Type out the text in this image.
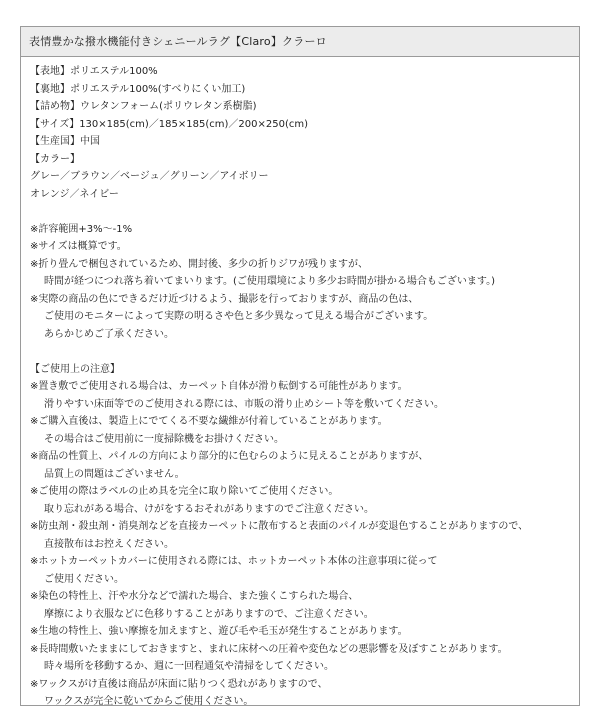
表情豊かな撥水機能付きシェニールラグ【Claro】クラーロ
【表地】ポリエステル100%
【裏地】ポリエステル100%(すべりにくい加工)
【詰め物】ウレタンフォーム(ポリウレタン系樹脂)
【サイズ】130×185(cm)／185×185(cm)／200×250(cm)
【生産国】中国
【カラー】
グレー／ブラウン／ベージュ／グリーン／アイボリー
オレンジ／ネイビー
※許容範囲+3%～-1%
※サイズは概算です。
※折り畳んで梱包されているため、開封後、多少の折りジワが残りますが、
時間が経つにつれ落ち着いてまいります。(ご使用環境により多少お時間が掛かる場合もございます。)
※実際の商品の色にできるだけ近づけるよう、撮影を行っておりますが、商品の色は、
ご使用のモニターによって実際の明るさや色と多少異なって見える場合がございます。
あらかじめご了承ください。
【ご使用上の注意】
※置き敷でご使用される場合は、カーペット自体が滑り転倒する可能性があります。
滑りやすい床面等でのご使用される際には、市販の滑り止めシート等を敷いてください。
※ご購入直後は、製造上にでてくる不要な繊維が付着していることがあります。
その場合はご使用前に一度掃除機をお掛けください。
※商品の性質上、パイルの方向により部分的に色むらのように見えることがありますが、
品質上の問題はございません。
※ご使用の際はラベルの止め具を完全に取り除いてご使用ください。
取り忘れがある場合、けがをするおそれがありますのでご注意ください。
※防虫剤・殺虫剤・消臭剤などを直接カーペットに散布すると表面のパイルが変退色することがありますので、
直接散布はお控えください。
※ホットカーペットカバーに使用される際には、ホットカーペット本体の注意事項に従って
ご使用ください。
※染色の特性上、汗や水分などで濡れた場合、また強くこすられた場合、
摩擦により衣服などに色移りすることがありますので、ご注意ください。
※生地の特性上、強い摩擦を加えますと、遊び毛や毛玉が発生することがあります。
※長時間敷いたままにしておきますと、まれに床材への圧着や変色などの悪影響を及ぼすことがあります。
時々場所を移動するか、週に一回程通気や清掃をしてください。
※ワックスがけ直後は商品が床面に貼りつく恐れがありますので、
ワックスが完全に乾いてからご使用ください。
